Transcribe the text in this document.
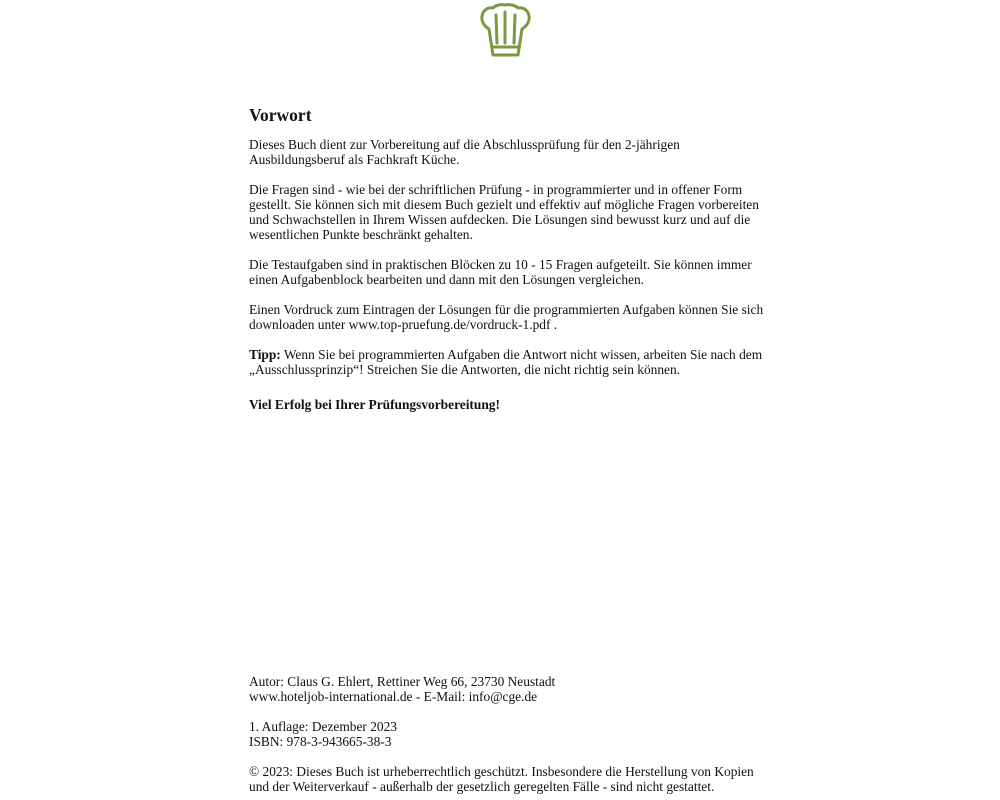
Vorwort
Dieses Buch dient zur Vorbereitung auf die Abschlussprüfung für den 2-jährigen Ausbildungsberuf als Fachkraft Küche.
Die Fragen sind - wie bei der schriftlichen Prüfung - in programmierter und in offener Form gestellt. Sie können sich mit diesem Buch gezielt und effektiv auf mögliche Fragen vorbereiten und Schwachstellen in Ihrem Wissen aufdecken. Die Lösungen sind bewusst kurz und auf die wesentlichen Punkte beschränkt gehalten.
Die Testaufgaben sind in praktischen Blöcken zu 10 - 15 Fragen aufgeteilt. Sie können immer einen Aufgabenblock bearbeiten und dann mit den Lösungen vergleichen.
Einen Vordruck zum Eintragen der Lösungen für die programmierten Aufgaben können Sie sich downloaden unter www.top-pruefung.de/vordruck-1.pdf .
Tipp: Wenn Sie bei programmierten Aufgaben die Antwort nicht wissen, arbeiten Sie nach dem „Ausschlussprinzip“! Streichen Sie die Antworten, die nicht richtig sein können.
Viel Erfolg bei Ihrer Prüfungsvorbereitung!
Autor: Claus G. Ehlert, Rettiner Weg 66, 23730 Neustadt
www.hoteljob-international.de - E-Mail: info@cge.de
1. Auflage: Dezember 2023
ISBN: 978-3-943665-38-3
© 2023: Dieses Buch ist urheberrechtlich geschützt. Insbesondere die Herstellung von Kopien und der Weiterverkauf - außerhalb der gesetzlich geregelten Fälle - sind nicht gestattet.
